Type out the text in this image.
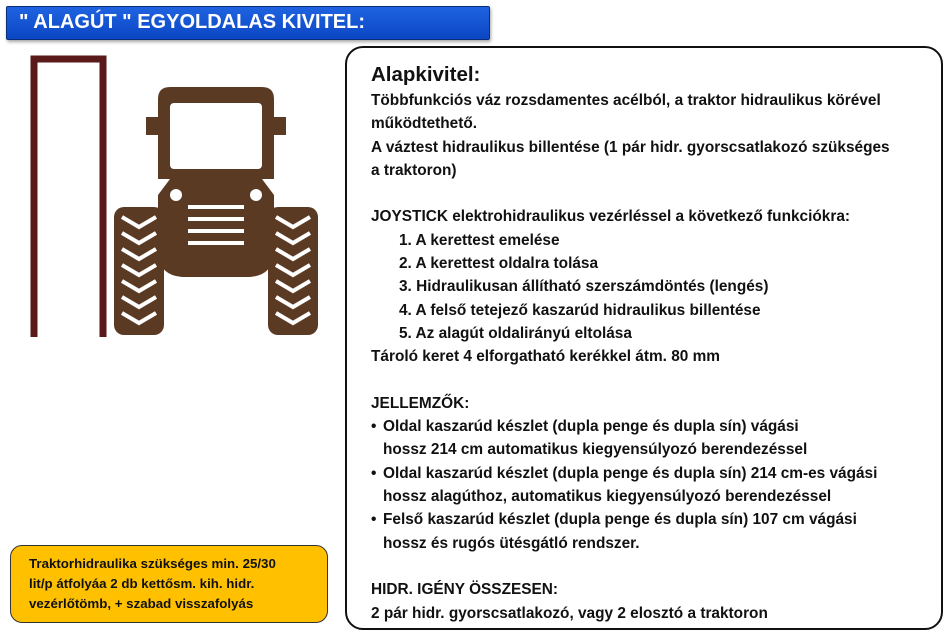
" ALAGÚT " EGYOLDALAS KIVITEL:
Traktorhidraulika szükséges min. 25/30
lit/p átfolyáa 2 db kettősm. kih. hidr.
vezérlőtömb, + szabad visszafolyás
Alapkivitel:
Többfunkciós váz rozsdamentes acélból, a traktor hidraulikus körével
működtethető.
A váztest hidraulikus billentése (1 pár hidr. gyorscsatlakozó szükséges
a traktoron)
JOYSTICK elektrohidraulikus vezérléssel a következő funkciókra:
1. A kerettest emelése
2. A kerettest oldalra tolása
3. Hidraulikusan állítható szerszámdöntés (lengés)
4. A felső tetejező kaszarúd hidraulikus billentése
5. Az alagút oldalirányú eltolása
Tároló keret 4 elforgatható kerékkel átm. 80 mm
JELLEMZŐK:
• Oldal kaszarúd készlet (dupla penge és dupla sín) vágási
hossz 214 cm automatikus kiegyensúlyozó berendezéssel
• Oldal kaszarúd készlet (dupla penge és dupla sín) 214 cm-es vágási
hossz alagúthoz, automatikus kiegyensúlyozó berendezéssel
• Felső kaszarúd készlet (dupla penge és dupla sín) 107 cm vágási
hossz és rugós ütésgátló rendszer.
HIDR. IGÉNY ÖSSZESEN:
2 pár hidr. gyorscsatlakozó, vagy 2 elosztó a traktoron
